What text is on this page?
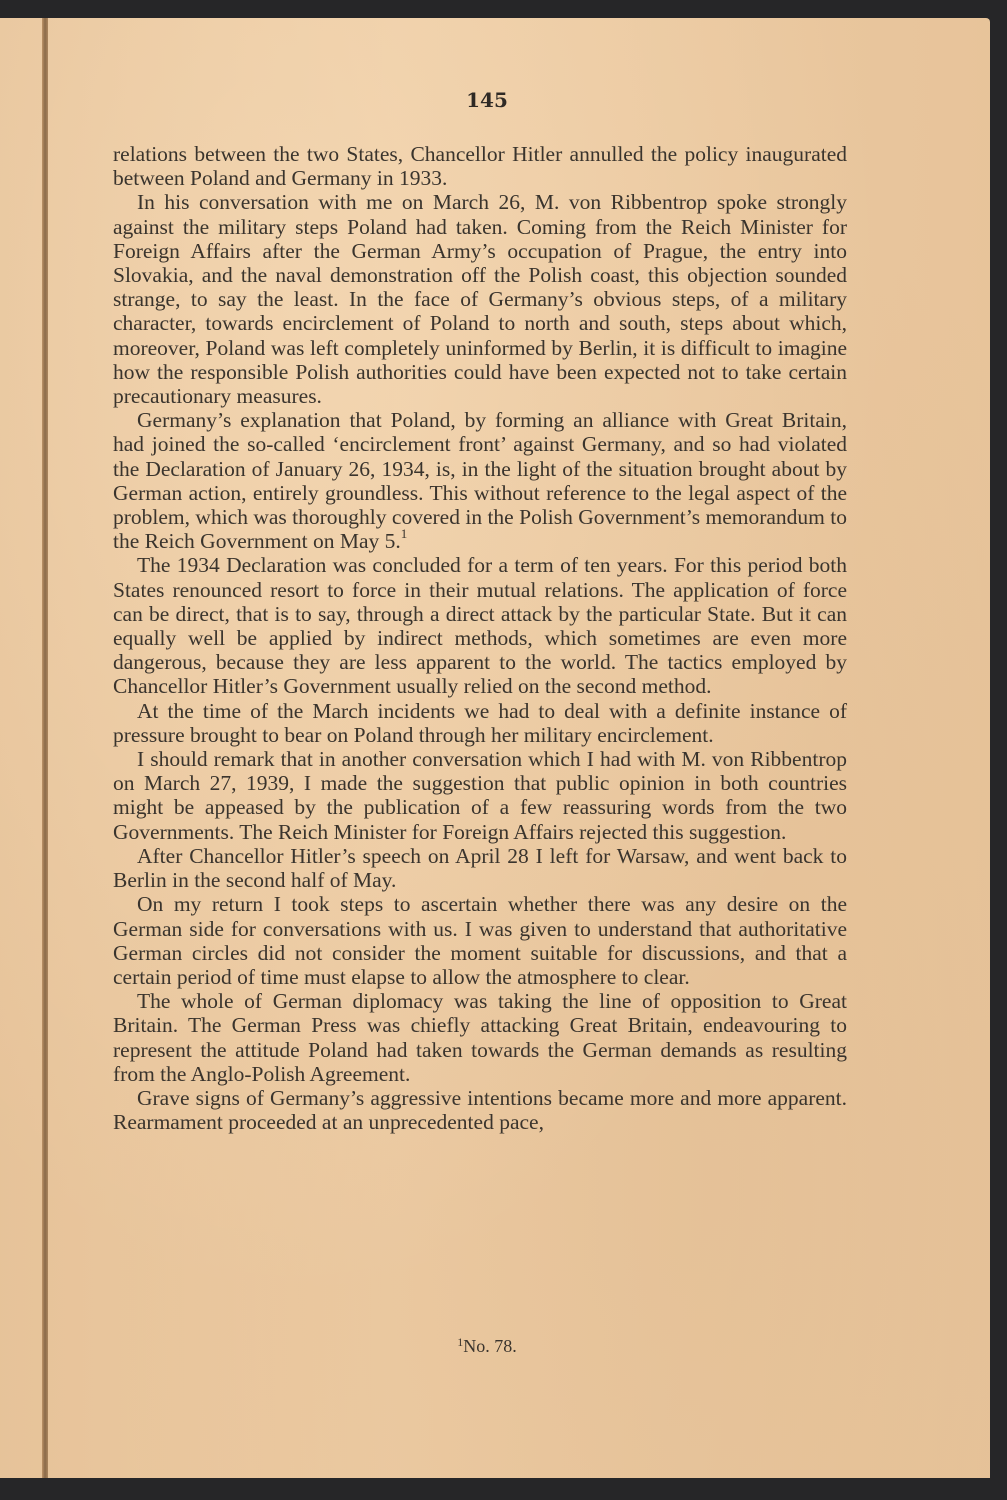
145

relations between the two States, Chancellor Hitler annulled the policy inaugurated between Poland and Germany in 1933.

In his conversation with me on March 26, M. von Ribbentrop spoke strongly against the military steps Poland had taken. Coming from the Reich Minister for Foreign Affairs after the German Army’s occupation of Prague, the entry into Slovakia, and the naval demonstration off the Polish coast, this objection sounded strange, to say the least. In the face of Germany’s obvious steps, of a military character, towards encirclement of Poland to north and south, steps about which, moreover, Poland was left completely uninformed by Berlin, it is difficult to imagine how the responsible Polish authorities could have been expected not to take certain precautionary measures.

Germany’s explanation that Poland, by forming an alliance with Great Britain, had joined the so-called ‘encirclement front’ against Germany, and so had violated the Declaration of January 26, 1934, is, in the light of the situation brought about by German action, entirely groundless. This without reference to the legal aspect of the problem, which was thoroughly covered in the Polish Government’s memorandum to the Reich Government on May 5.$^1$

The 1934 Declaration was concluded for a term of ten years. For this period both States renounced resort to force in their mutual relations. The application of force can be direct, that is to say, through a direct attack by the particular State. But it can equally well be applied by indirect methods, which sometimes are even more dangerous, because they are less apparent to the world. The tactics employed by Chancellor Hitler’s Government usually relied on the second method.

At the time of the March incidents we had to deal with a definite instance of pressure brought to bear on Poland through her military encirclement.

I should remark that in another conversation which I had with M. von Ribbentrop on March 27, 1939, I made the suggestion that public opinion in both countries might be appeased by the publication of a few reassuring words from the two Governments. The Reich Minister for Foreign Affairs rejected this suggestion.

After Chancellor Hitler’s speech on April 28 I left for Warsaw, and went back to Berlin in the second half of May.

On my return I took steps to ascertain whether there was any desire on the German side for conversations with us. I was given to understand that authoritative German circles did not consider the moment suitable for discussions, and that a certain period of time must elapse to allow the atmosphere to clear.

The whole of German diplomacy was taking the line of opposition to Great Britain. The German Press was chiefly attacking Great Britain, endeavouring to represent the attitude Poland had taken towards the German demands as resulting from the Anglo-Polish Agreement.

Grave signs of Germany’s aggressive intentions became more and more apparent. Rearmament proceeded at an unprecedented pace,

$^1$No. 78.
